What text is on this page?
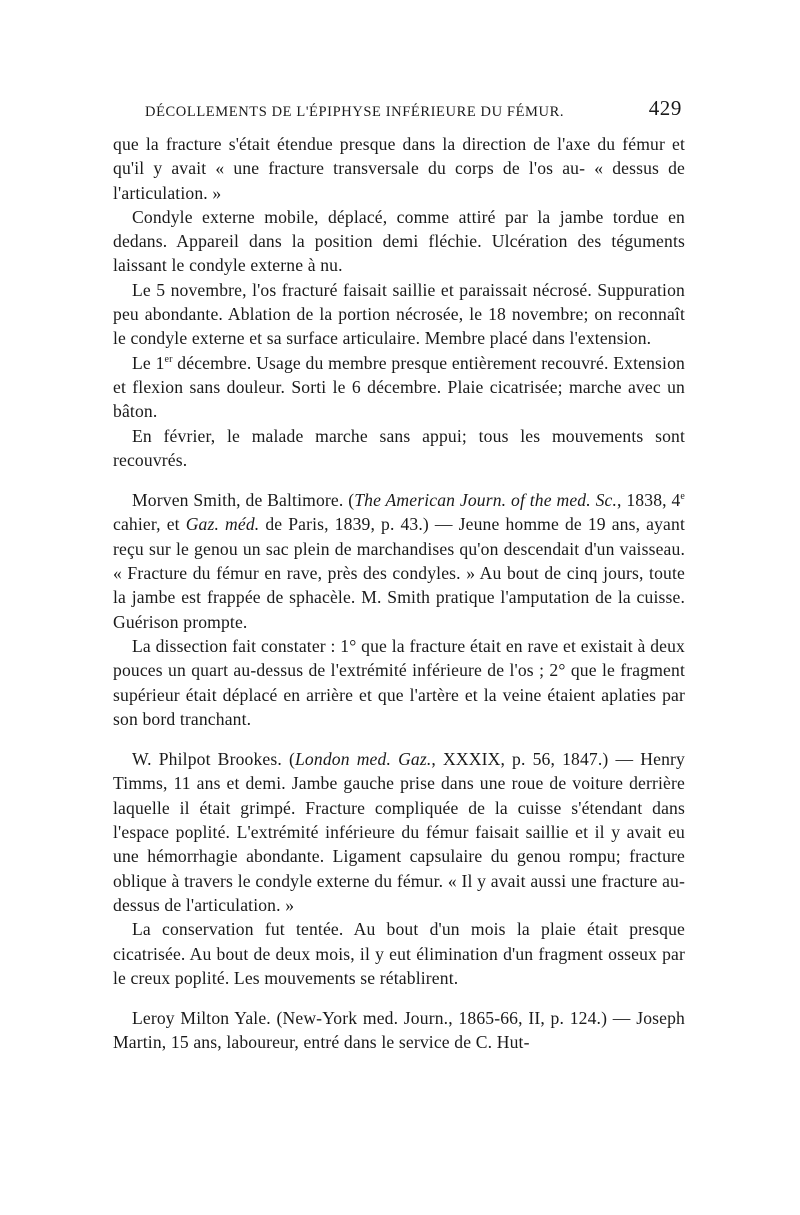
DÉCOLLEMENTS DE L'ÉPIPHYSE INFÉRIEURE DU FÉMUR.	429

que la fracture s'était étendue presque dans la direction de l'axe du fémur et qu'il y avait « une fracture transversale du corps de l'os au- « dessus de l'articulation. »

Condyle externe mobile, déplacé, comme attiré par la jambe tordue en dedans. Appareil dans la position demi fléchie. Ulcération des téguments laissant le condyle externe à nu.

Le 5 novembre, l'os fracturé faisait saillie et paraissait nécrosé. Suppuration peu abondante. Ablation de la portion nécrosée, le 18 novembre; on reconnaît le condyle externe et sa surface articulaire. Membre placé dans l'extension.

Le 1er décembre. Usage du membre presque entièrement recouvré. Extension et flexion sans douleur. Sorti le 6 décembre. Plaie cicatrisée; marche avec un bâton.

En février, le malade marche sans appui; tous les mouvements sont recouvrés.

Morven Smith, de Baltimore. (The American Journ. of the med. Sc., 1838, 4e cahier, et Gaz. méd. de Paris, 1839, p. 43.) — Jeune homme de 19 ans, ayant reçu sur le genou un sac plein de marchandises qu'on descendait d'un vaisseau. « Fracture du fémur en rave, près des condyles. » Au bout de cinq jours, toute la jambe est frappée de sphacèle. M. Smith pratique l'amputation de la cuisse. Guérison prompte.

La dissection fait constater : 1° que la fracture était en rave et existait à deux pouces un quart au-dessus de l'extrémité inférieure de l'os ; 2° que le fragment supérieur était déplacé en arrière et que l'artère et la veine étaient aplaties par son bord tranchant.

W. Philpot Brookes. (London med. Gaz., XXXIX, p. 56, 1847.) — Henry Timms, 11 ans et demi. Jambe gauche prise dans une roue de voiture derrière laquelle il était grimpé. Fracture compliquée de la cuisse s'étendant dans l'espace poplité. L'extrémité inférieure du fémur faisait saillie et il y avait eu une hémorrhagie abondante. Ligament capsulaire du genou rompu; fracture oblique à travers le condyle externe du fémur. « Il y avait aussi une fracture au-dessus de l'articulation. »

La conservation fut tentée. Au bout d'un mois la plaie était presque cicatrisée. Au bout de deux mois, il y eut élimination d'un fragment osseux par le creux poplité. Les mouvements se rétablirent.

Leroy Milton Yale. (New-York med. Journ., 1865-66, II, p. 124.) — Joseph Martin, 15 ans, laboureur, entré dans le service de C. Hut-
